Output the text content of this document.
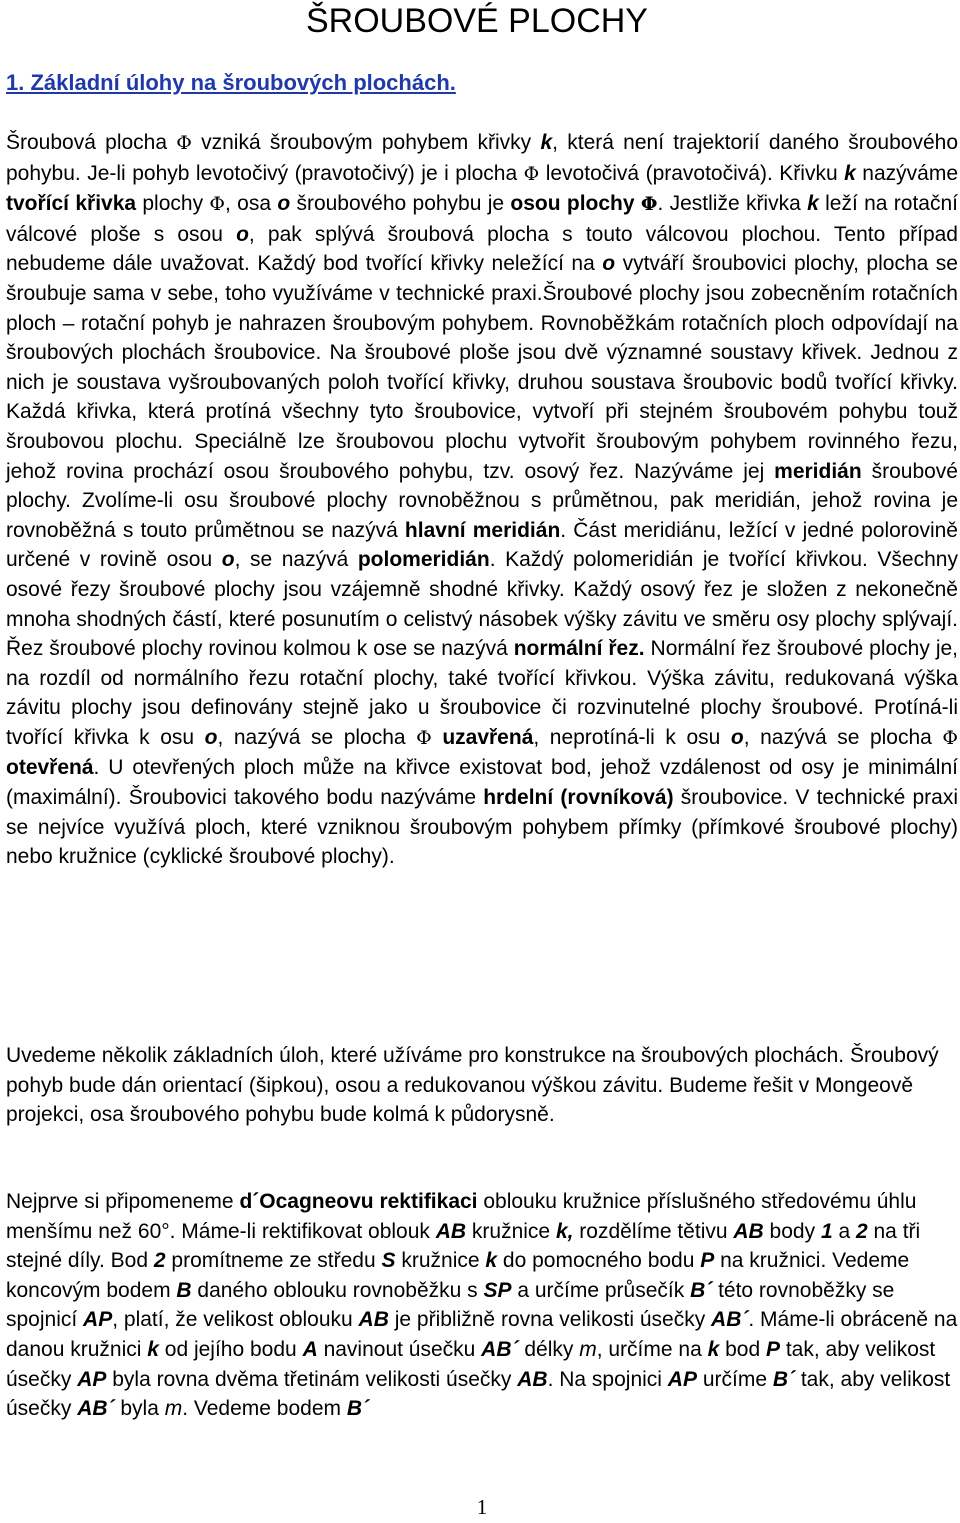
ŠROUBOVÉ PLOCHY
1. Základní úlohy na šroubových plochách.

Šroubová plocha Φ vzniká šroubovým pohybem křivky k, která není trajektorií daného šroubového pohybu. Je-li pohyb levotočivý (pravotočivý) je i plocha Φ levotočivá (pravotočivá). Křivku k nazýváme tvořící křivka plochy Φ, osa o šroubového pohybu je osou plochy Φ. Jestliže křivka k leží na rotační válcové ploše s osou o, pak splývá šroubová plocha s touto válcovou plochou. Tento případ nebudeme dále uvažovat. Každý bod tvořící křivky neležící na o vytváří šroubovici plochy, plocha se šroubuje sama v sebe, toho využíváme v technické praxi.Šroubové plochy jsou zobecněním rotačních ploch – rotační pohyb je nahrazen šroubovým pohybem. Rovnoběžkám rotačních ploch odpovídají na šroubových plochách šroubovice. Na šroubové ploše jsou dvě významné soustavy křivek. Jednou z nich je soustava vyšroubovaných poloh tvořící křivky, druhou soustava šroubovic bodů tvořící křivky. Každá křivka, která protíná všechny tyto šroubovice, vytvoří při stejném šroubovém pohybu touž šroubovou plochu. Speciálně lze šroubovou plochu vytvořit šroubovým pohybem rovinného řezu, jehož rovina prochází osou šroubového pohybu, tzv. osový řez. Nazýváme jej meridián šroubové plochy. Zvolíme-li osu šroubové plochy rovnoběžnou s průmětnou, pak meridián, jehož rovina je rovnoběžná s touto průmětnou se nazývá hlavní meridián. Část meridiánu, ležící v jedné polorovině určené v rovině osou o, se nazývá polomeridián. Každý polomeridián je tvořící křivkou. Všechny osové řezy šroubové plochy jsou vzájemně shodné křivky. Každý osový řez je složen z nekonečně mnoha shodných částí, které posunutím o celistvý násobek výšky závitu ve směru osy plochy splývají. Řez šroubové plochy rovinou kolmou k ose se nazývá normální řez. Normální řez šroubové plochy je, na rozdíl od normálního řezu rotační plochy, také tvořící křivkou. Výška závitu, redukovaná výška závitu plochy jsou definovány stejně jako u šroubovice či rozvinutelné plochy šroubové. Protíná-li tvořící křivka k osu o, nazývá se plocha Φ uzavřená, neprotíná-li k osu o, nazývá se plocha Φ otevřená. U otevřených ploch může na křivce existovat bod, jehož vzdálenost od osy je minimální (maximální). Šroubovici takového bodu nazýváme hrdelní (rovníková) šroubovice. V technické praxi se nejvíce využívá ploch, které vzniknou šroubovým pohybem přímky (přímkové šroubové plochy) nebo kružnice (cyklické šroubové plochy).

Uvedeme několik základních úloh, které užíváme pro konstrukce na šroubových plochách. Šroubový pohyb bude dán orientací (šipkou), osou a redukovanou výškou závitu. Budeme řešit v Mongeově projekci, osa šroubového pohybu bude kolmá k půdorysně.

Nejprve si připomeneme d´Ocagneovu rektifikaci oblouku kružnice příslušného středovému úhlu menšímu než 60°. Máme-li rektifikovat oblouk AB kružnice k, rozdělíme tětivu AB body 1 a 2 na tři stejné díly. Bod 2 promítneme ze středu S kružnice k do pomocného bodu P na kružnici. Vedeme koncovým bodem B daného oblouku rovnoběžku s SP a určíme průsečík B´ této rovnoběžky se spojnicí AP, platí, že velikost oblouku AB je přibližně rovna velikosti úsečky AB´. Máme-li obráceně na danou kružnici k od jejího bodu A navinout úsečku AB´ délky m, určíme na k bod P tak, aby velikost úsečky AP byla rovna dvěma třetinám velikosti úsečky AB. Na spojnici AP určíme B´ tak, aby velikost úsečky AB´ byla m. Vedeme bodem B´

1
